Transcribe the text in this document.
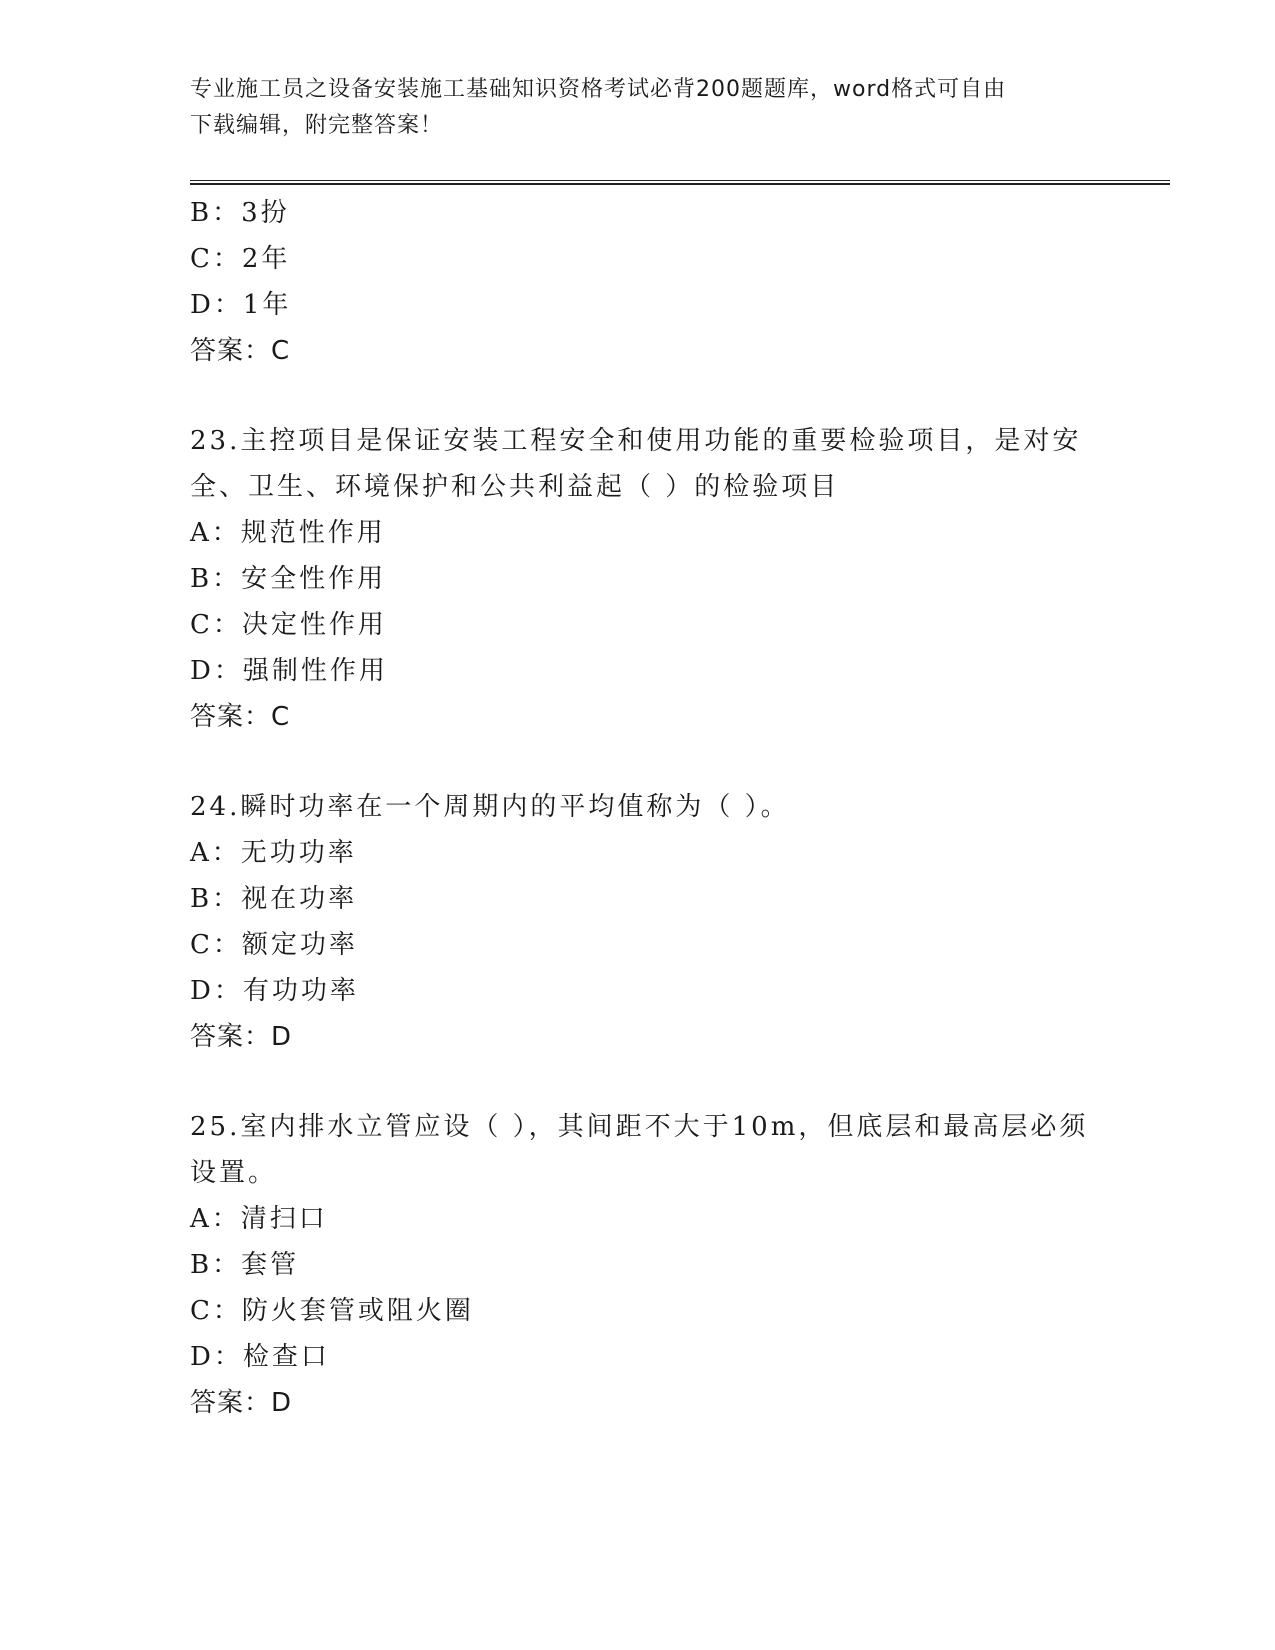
专业施工员之设备安装施工基础知识资格考试必背200题题库，word格式可自由
下载编辑，附完整答案！
B：3扮
C：2年
D：1年
答案：C
23.主控项目是保证安装工程安全和使用功能的重要检验项目，是对安全、卫生、环境保护和公共利益起（ ）的检验项目
A：规范性作用
B：安全性作用
C：决定性作用
D：强制性作用
答案：C
24.瞬时功率在一个周期内的平均值称为（ ）。
A：无功功率
B：视在功率
C：额定功率
D：有功功率
答案：D
25.室内排水立管应设（ ），其间距不大于10m，但底层和最高层必须设置。
A：清扫口
B：套管
C：防火套管或阻火圈
D：检查口
答案：D
